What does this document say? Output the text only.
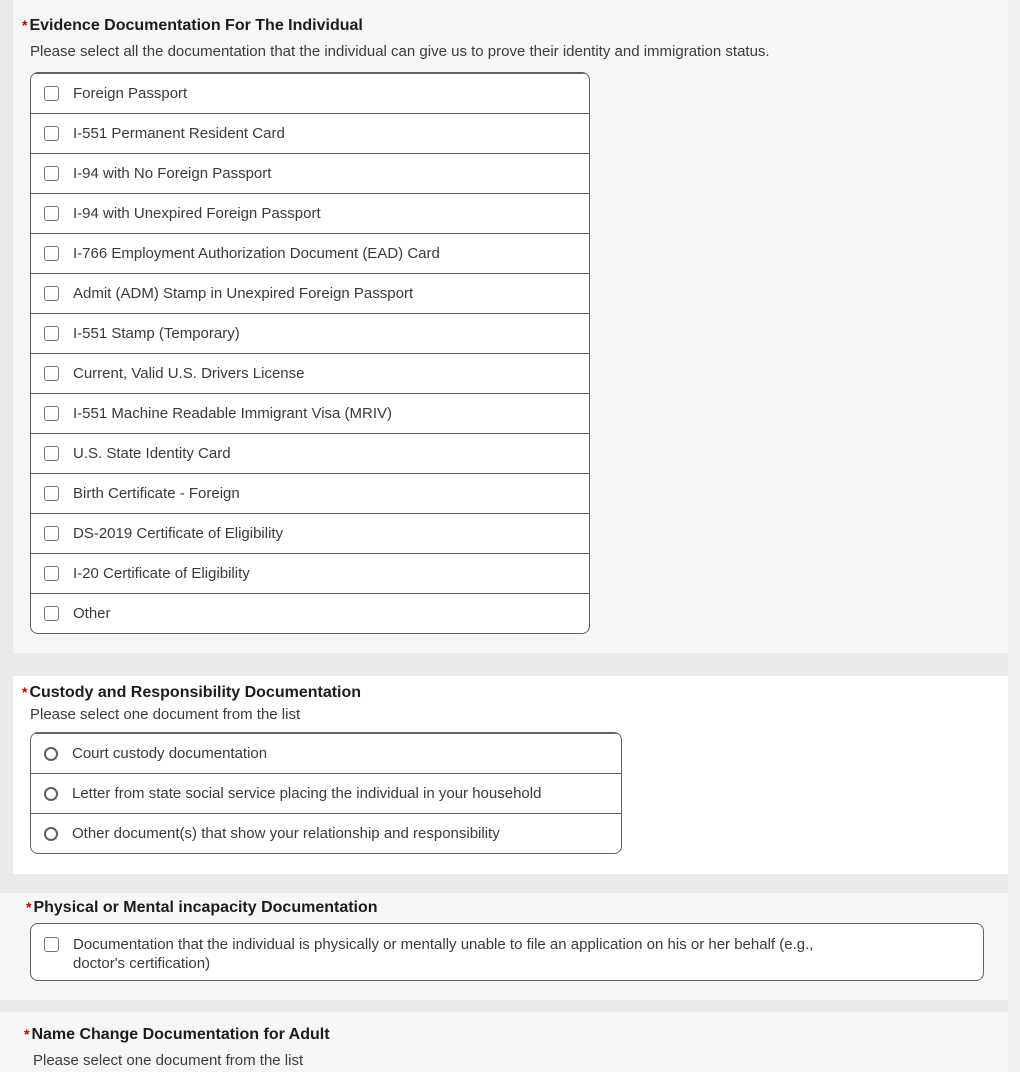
* Evidence Documentation For The Individual
Please select all the documentation that the individual can give us to prove their identity and immigration status.
Foreign Passport
I-551 Permanent Resident Card
I-94 with No Foreign Passport
I-94 with Unexpired Foreign Passport
I-766 Employment Authorization Document (EAD) Card
Admit (ADM) Stamp in Unexpired Foreign Passport
I-551 Stamp (Temporary)
Current, Valid U.S. Drivers License
I-551 Machine Readable Immigrant Visa (MRIV)
U.S. State Identity Card
Birth Certificate - Foreign
DS-2019 Certificate of Eligibility
I-20 Certificate of Eligibility
Other
* Custody and Responsibility Documentation
Please select one document from the list
Court custody documentation
Letter from state social service placing the individual in your household
Other document(s) that show your relationship and responsibility
* Physical or Mental incapacity Documentation
Documentation that the individual is physically or mentally unable to file an application on his or her behalf (e.g.,
doctor's certification)
* Name Change Documentation for Adult
Please select one document from the list
